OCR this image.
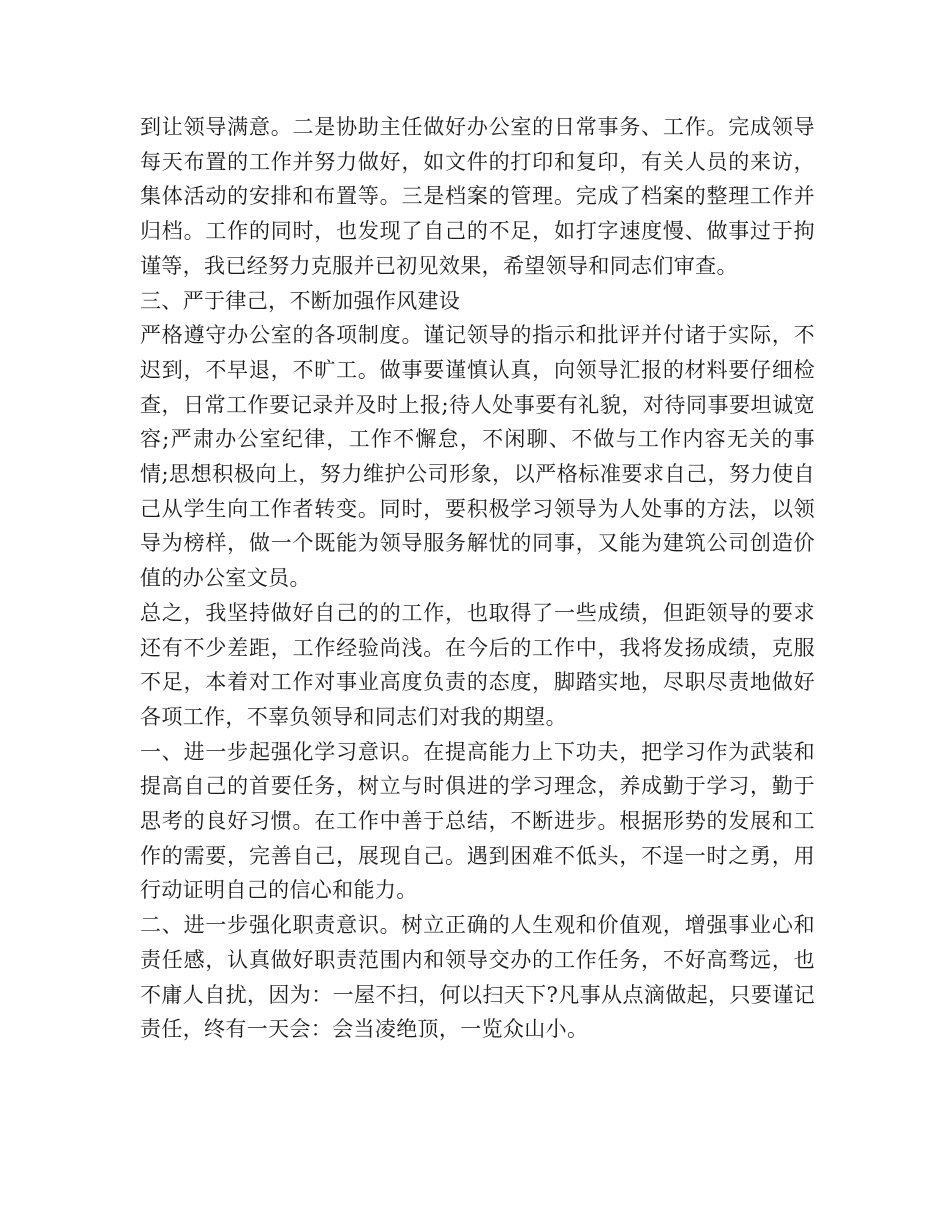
到让领导满意。二是协助主任做好办公室的日常事务、工作。完成领导每天布置的工作并努力做好，如文件的打印和复印，有关人员的来访，集体活动的安排和布置等。三是档案的管理。完成了档案的整理工作并归档。工作的同时，也发现了自己的不足，如打字速度慢、做事过于拘谨等，我已经努力克服并已初见效果，希望领导和同志们审查。

三、严于律己，不断加强作风建设

严格遵守办公室的各项制度。谨记领导的指示和批评并付诸于实际，不迟到，不早退，不旷工。做事要谨慎认真，向领导汇报的材料要仔细检查，日常工作要记录并及时上报;待人处事要有礼貌，对待同事要坦诚宽容;严肃办公室纪律，工作不懈怠，不闲聊、不做与工作内容无关的事情;思想积极向上，努力维护公司形象，以严格标准要求自己，努力使自己从学生向工作者转变。同时，要积极学习领导为人处事的方法，以领导为榜样，做一个既能为领导服务解忧的同事，又能为建筑公司创造价值的办公室文员。

总之，我坚持做好自己的的工作，也取得了一些成绩，但距领导的要求还有不少差距，工作经验尚浅。在今后的工作中，我将发扬成绩，克服不足，本着对工作对事业高度负责的态度，脚踏实地，尽职尽责地做好各项工作，不辜负领导和同志们对我的期望。

一、进一步起强化学习意识。在提高能力上下功夫，把学习作为武装和提高自己的首要任务，树立与时俱进的学习理念，养成勤于学习，勤于思考的良好习惯。在工作中善于总结，不断进步。根据形势的发展和工作的需要，完善自己，展现自己。遇到困难不低头，不逞一时之勇，用行动证明自己的信心和能力。

二、进一步强化职责意识。树立正确的人生观和价值观，增强事业心和责任感，认真做好职责范围内和领导交办的工作任务，不好高骛远，也不庸人自扰，因为：一屋不扫，何以扫天下?凡事从点滴做起，只要谨记责任，终有一天会：会当凌绝顶，一览众山小。
